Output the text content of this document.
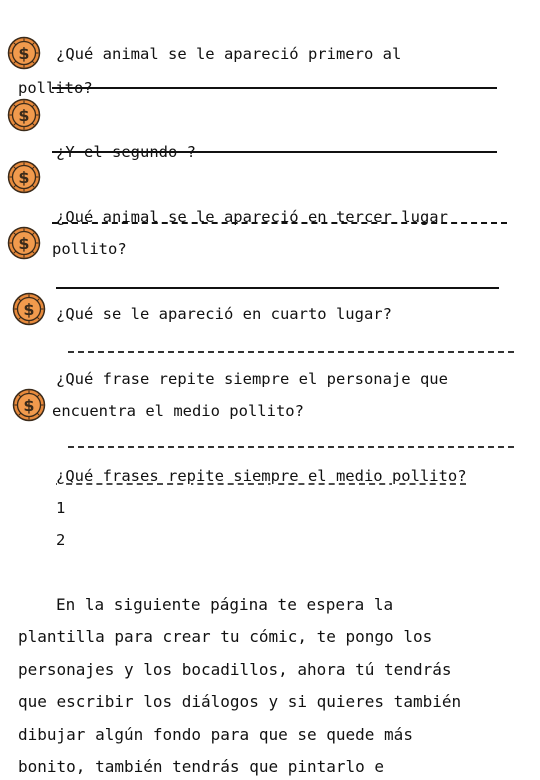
¿Qué animal se le apareció primero al
pollito?
¿Y el segundo ?
¿Qué animal se le apareció en tercer lugar
pollito?
¿Qué se le apareció en cuarto lugar?
¿Qué frase repite siempre el personaje que
encuentra el medio pollito?
¿Qué frases repite siempre el medio pollito?
1
2
En la siguiente página te espera la
plantilla para crear tu cómic, te pongo los
personajes y los bocadillos, ahora tú tendrás
que escribir los diálogos y si quieres también
dibujar algún fondo para que se quede más
bonito, también tendrás que pintarlo e
